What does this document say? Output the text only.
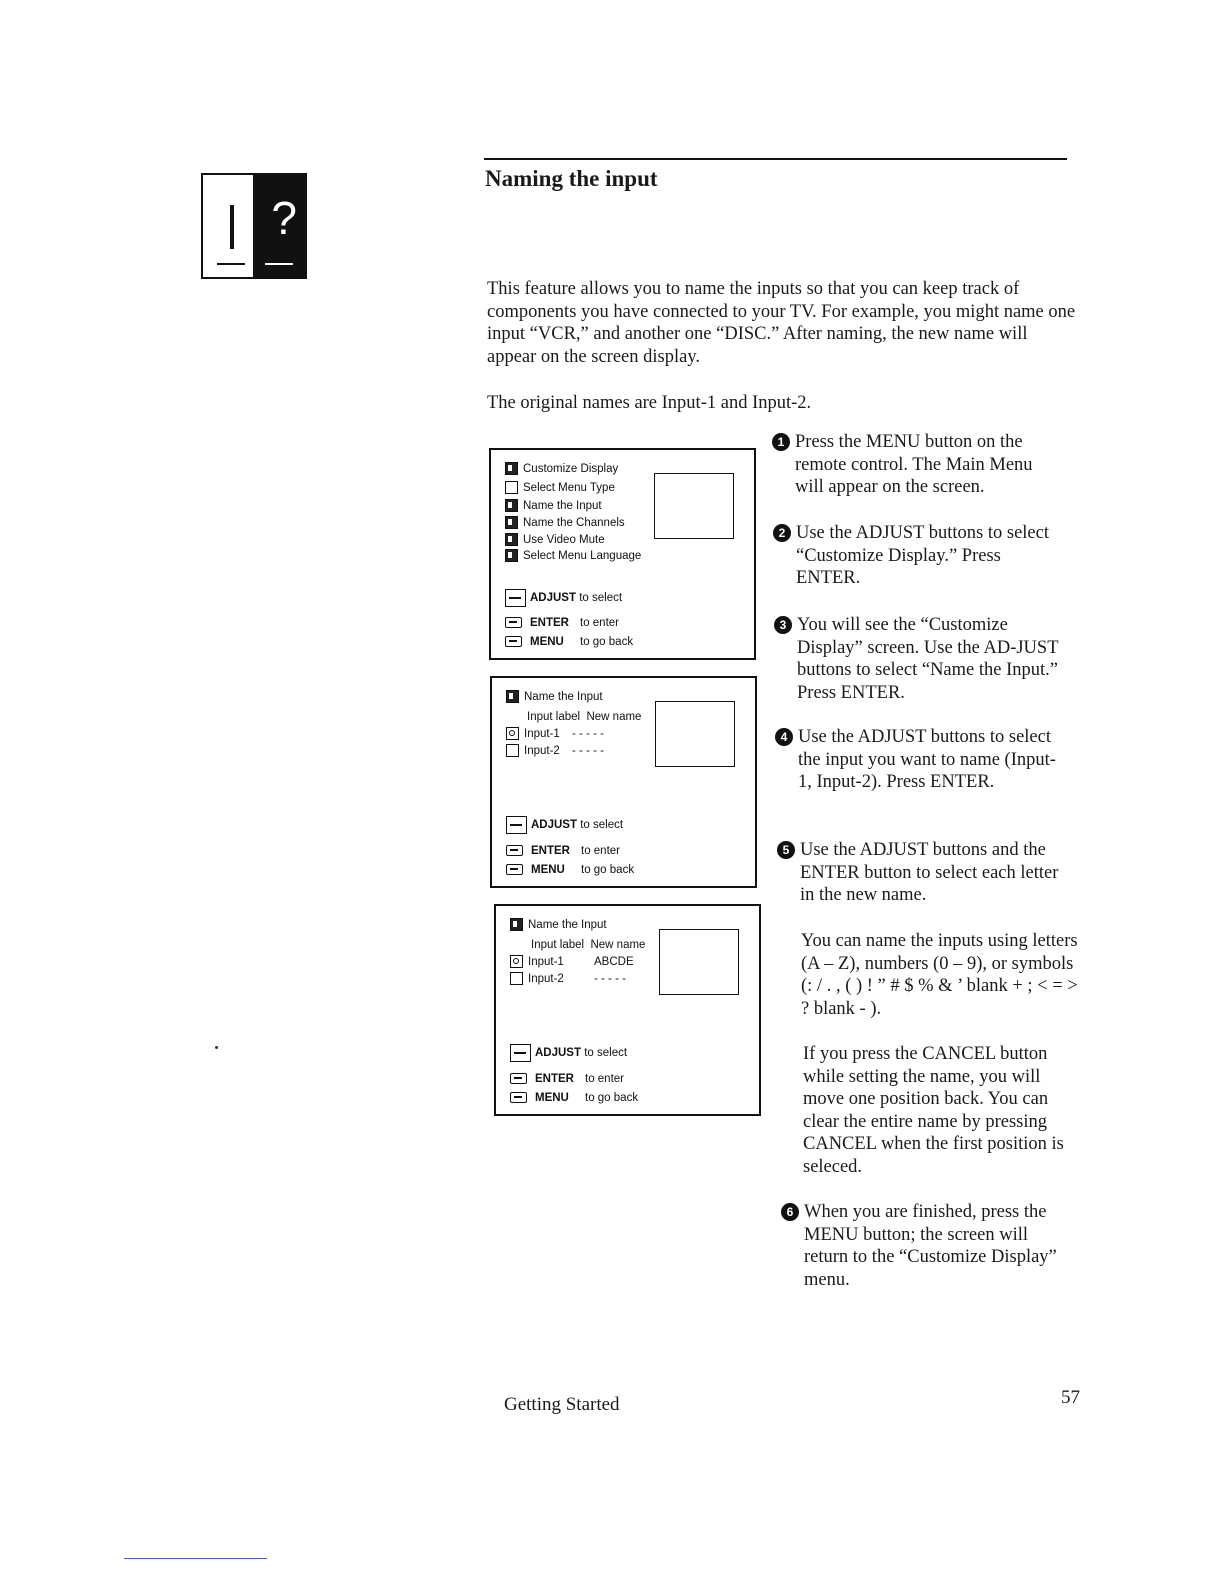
?
Naming the input

This feature allows you to name the inputs so that you can keep track of components you have connected to your TV. For example, you might name one input “VCR,” and another one “DISC.” After naming, the new name will appear on the screen display.

The original names are Input-1 and Input-2.

Customize Display
Select Menu Type
Name the Input
Name the Channels
Use Video Mute
Select Menu Language
ADJUST to select
ENTER to enter
MENU to go back
Name the Input
Input label New name
Input-1 - - - - -
Input-2 - - - - -
ADJUST to select
ENTER to enter
MENU to go back
Name the Input
Input label New name
Input-1	ABCDE
Input-2	- - - - -
ADJUST to select
ENTER to enter
MENU to go back
1 Press the MENU button on the remote control. The Main Menu will appear on the screen.
2 Use the ADJUST buttons to select “Customize Display.” Press ENTER.
3 You will see the “Customize Display” screen. Use the AD-JUST buttons to select “Name the Input.” Press ENTER.
4 Use the ADJUST buttons to select the input you want to name (Input-1, Input-2). Press ENTER.
5 Use the ADJUST buttons and the ENTER button to select each letter in the new name.
You can name the inputs using letters (A – Z), numbers (0 – 9), or symbols (: / . , ( ) ! ” # $ % & ’ blank + ; < = > ? blank - ).
If you press the CANCEL button while setting the name, you will move one position back. You can clear the entire name by pressing CANCEL when the first position is seleced.
6 When you are finished, press the MENU button; the screen will return to the “Customize Display” menu.
Getting Started	57
